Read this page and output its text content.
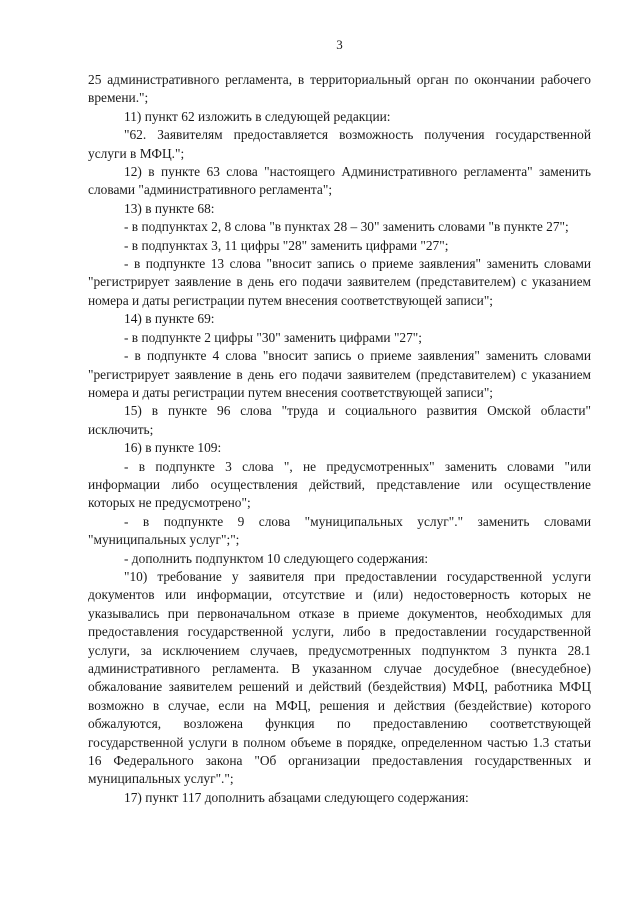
3

25 административного регламента, в территориальный орган по окончании рабочего времени.";

11) пункт 62 изложить в следующей редакции:

"62. Заявителям предоставляется возможность получения государственной услуги в МФЦ.";

12) в пункте 63 слова "настоящего Административного регламента" заменить словами "административного регламента";

13) в пункте 68:

- в подпунктах 2, 8 слова "в пунктах 28 – 30" заменить словами "в пункте 27";

- в подпунктах 3, 11 цифры "28" заменить цифрами "27";

- в подпункте 13 слова "вносит запись о приеме заявления" заменить словами "регистрирует заявление в день его подачи заявителем (представителем) с указанием номера и даты регистрации путем внесения соответствующей записи";

14) в пункте 69:

- в подпункте 2 цифры "30" заменить цифрами "27";

- в подпункте 4 слова "вносит запись о приеме заявления" заменить словами "регистрирует заявление в день его подачи заявителем (представителем) с указанием номера и даты регистрации путем внесения соответствующей записи";

15) в пункте 96 слова "труда и социального развития Омской области" исключить;

16) в пункте 109:

- в подпункте 3 слова ", не предусмотренных" заменить словами "или информации либо осуществления действий, представление или осуществление которых не предусмотрено";

- в подпункте 9 слова "муниципальных услуг"." заменить словами "муниципальных услуг";";

- дополнить подпунктом 10 следующего содержания:

"10) требование у заявителя при предоставлении государственной услуги документов или информации, отсутствие и (или) недостоверность которых не указывались при первоначальном отказе в приеме документов, необходимых для предоставления государственной услуги, либо в предоставлении государственной услуги, за исключением случаев, предусмотренных подпунктом 3 пункта 28.1 административного регламента. В указанном случае досудебное (внесудебное) обжалование заявителем решений и действий (бездействия) МФЦ, работника МФЦ возможно в случае, если на МФЦ, решения и действия (бездействие) которого обжалуются, возложена функция по предоставлению соответствующей государственной услуги в полном объеме в порядке, определенном частью 1.3 статьи 16 Федерального закона "Об организации предоставления государственных и муниципальных услуг".";

17) пункт 117 дополнить абзацами следующего содержания:
